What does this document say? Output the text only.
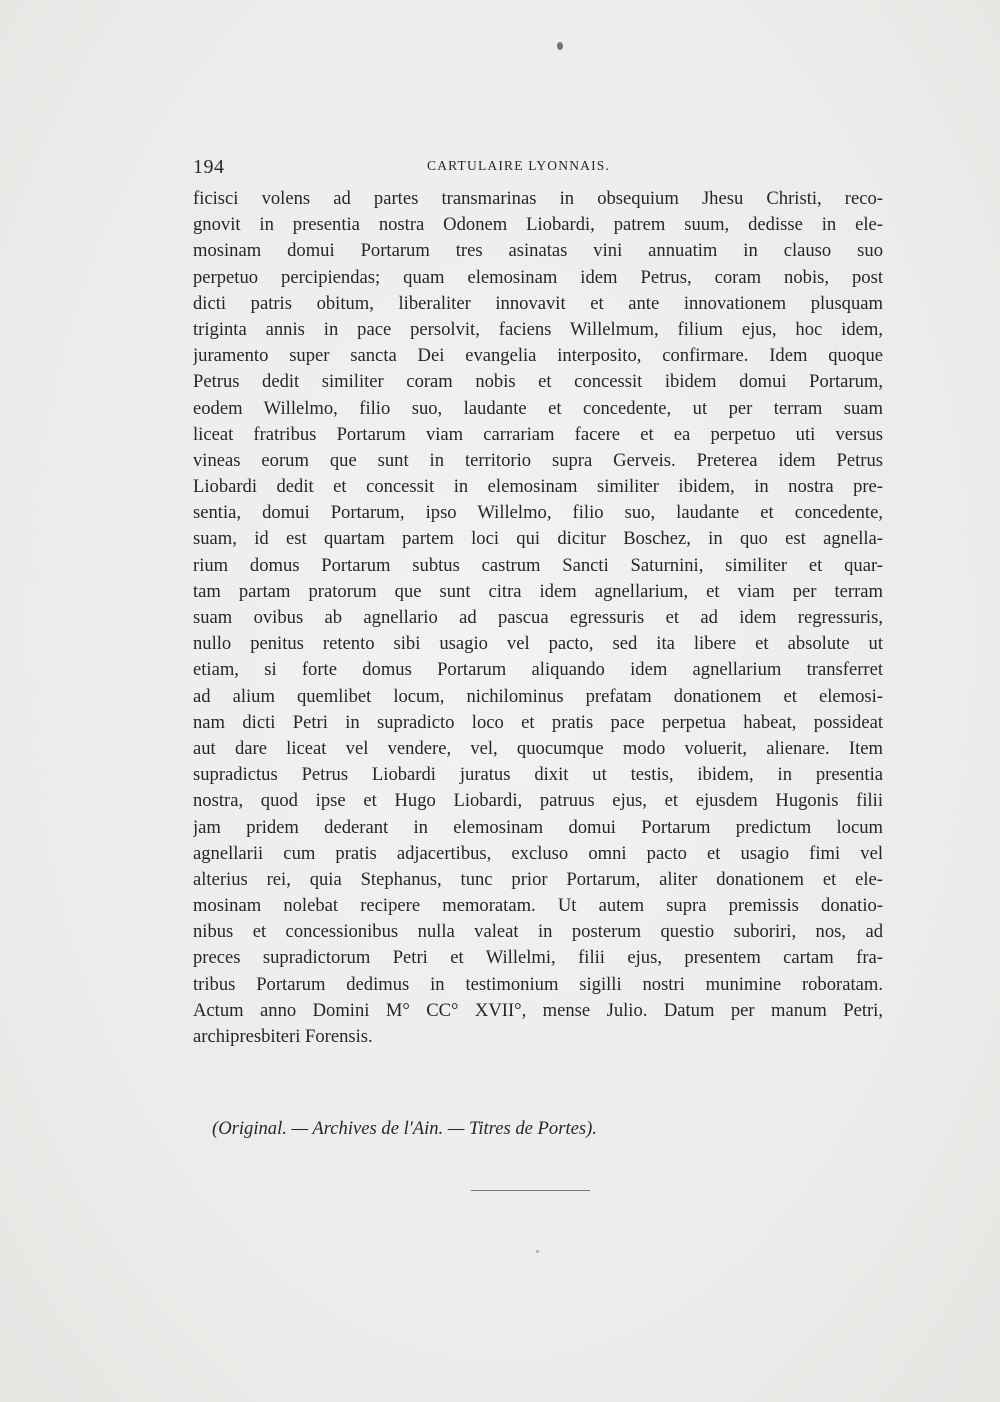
194	CARTULAIRE LYONNAIS.
ficisci volens ad partes transmarinas in obsequium Jhesu Christi, reco-
gnovit in presentia nostra Odonem Liobardi, patrem suum, dedisse in ele-
mosinam domui Portarum tres asinatas vini annuatim in clauso suo
perpetuo percipiendas; quam elemosinam idem Petrus, coram nobis, post
dicti patris obitum, liberaliter innovavit et ante innovationem plusquam
triginta annis in pace persolvit, faciens Willelmum, filium ejus, hoc idem,
juramento super sancta Dei evangelia interposito, confirmare. Idem quoque
Petrus dedit similiter coram nobis et concessit ibidem domui Portarum,
eodem Willelmo, filio suo, laudante et concedente, ut per terram suam
liceat fratribus Portarum viam carrariam facere et ea perpetuo uti versus
vineas eorum que sunt in territorio supra Gerveis. Preterea idem Petrus
Liobardi dedit et concessit in elemosinam similiter ibidem, in nostra pre-
sentia, domui Portarum, ipso Willelmo, filio suo, laudante et concedente,
suam, id est quartam partem loci qui dicitur Boschez, in quo est agnella-
rium domus Portarum subtus castrum Sancti Saturnini, similiter et quar-
tam partam pratorum que sunt citra idem agnellarium, et viam per terram
suam ovibus ab agnellario ad pascua egressuris et ad idem regressuris,
nullo penitus retento sibi usagio vel pacto, sed ita libere et absolute ut
etiam, si forte domus Portarum aliquando idem agnellarium transferret
ad alium quemlibet locum, nichilominus prefatam donationem et elemosi-
nam dicti Petri in supradicto loco et pratis pace perpetua habeat, possideat
aut dare liceat vel vendere, vel, quocumque modo voluerit, alienare. Item
supradictus Petrus Liobardi juratus dixit ut testis, ibidem, in presentia
nostra, quod ipse et Hugo Liobardi, patruus ejus, et ejusdem Hugonis filii
jam pridem dederant in elemosinam domui Portarum predictum locum
agnellarii cum pratis adjacertibus, excluso omni pacto et usagio fimi vel
alterius rei, quia Stephanus, tunc prior Portarum, aliter donationem et ele-
mosinam nolebat recipere memoratam. Ut autem supra premissis donatio-
nibus et concessionibus nulla valeat in posterum questio suboriri, nos, ad
preces supradictorum Petri et Willelmi, filii ejus, presentem cartam fra-
tribus Portarum dedimus in testimonium sigilli nostri munimine roboratam.
Actum anno Domini M° CC° XVII°, mense Julio. Datum per manum Petri,
archipresbiteri Forensis.
(Original. — Archives de l'Ain. — Titres de Portes).
